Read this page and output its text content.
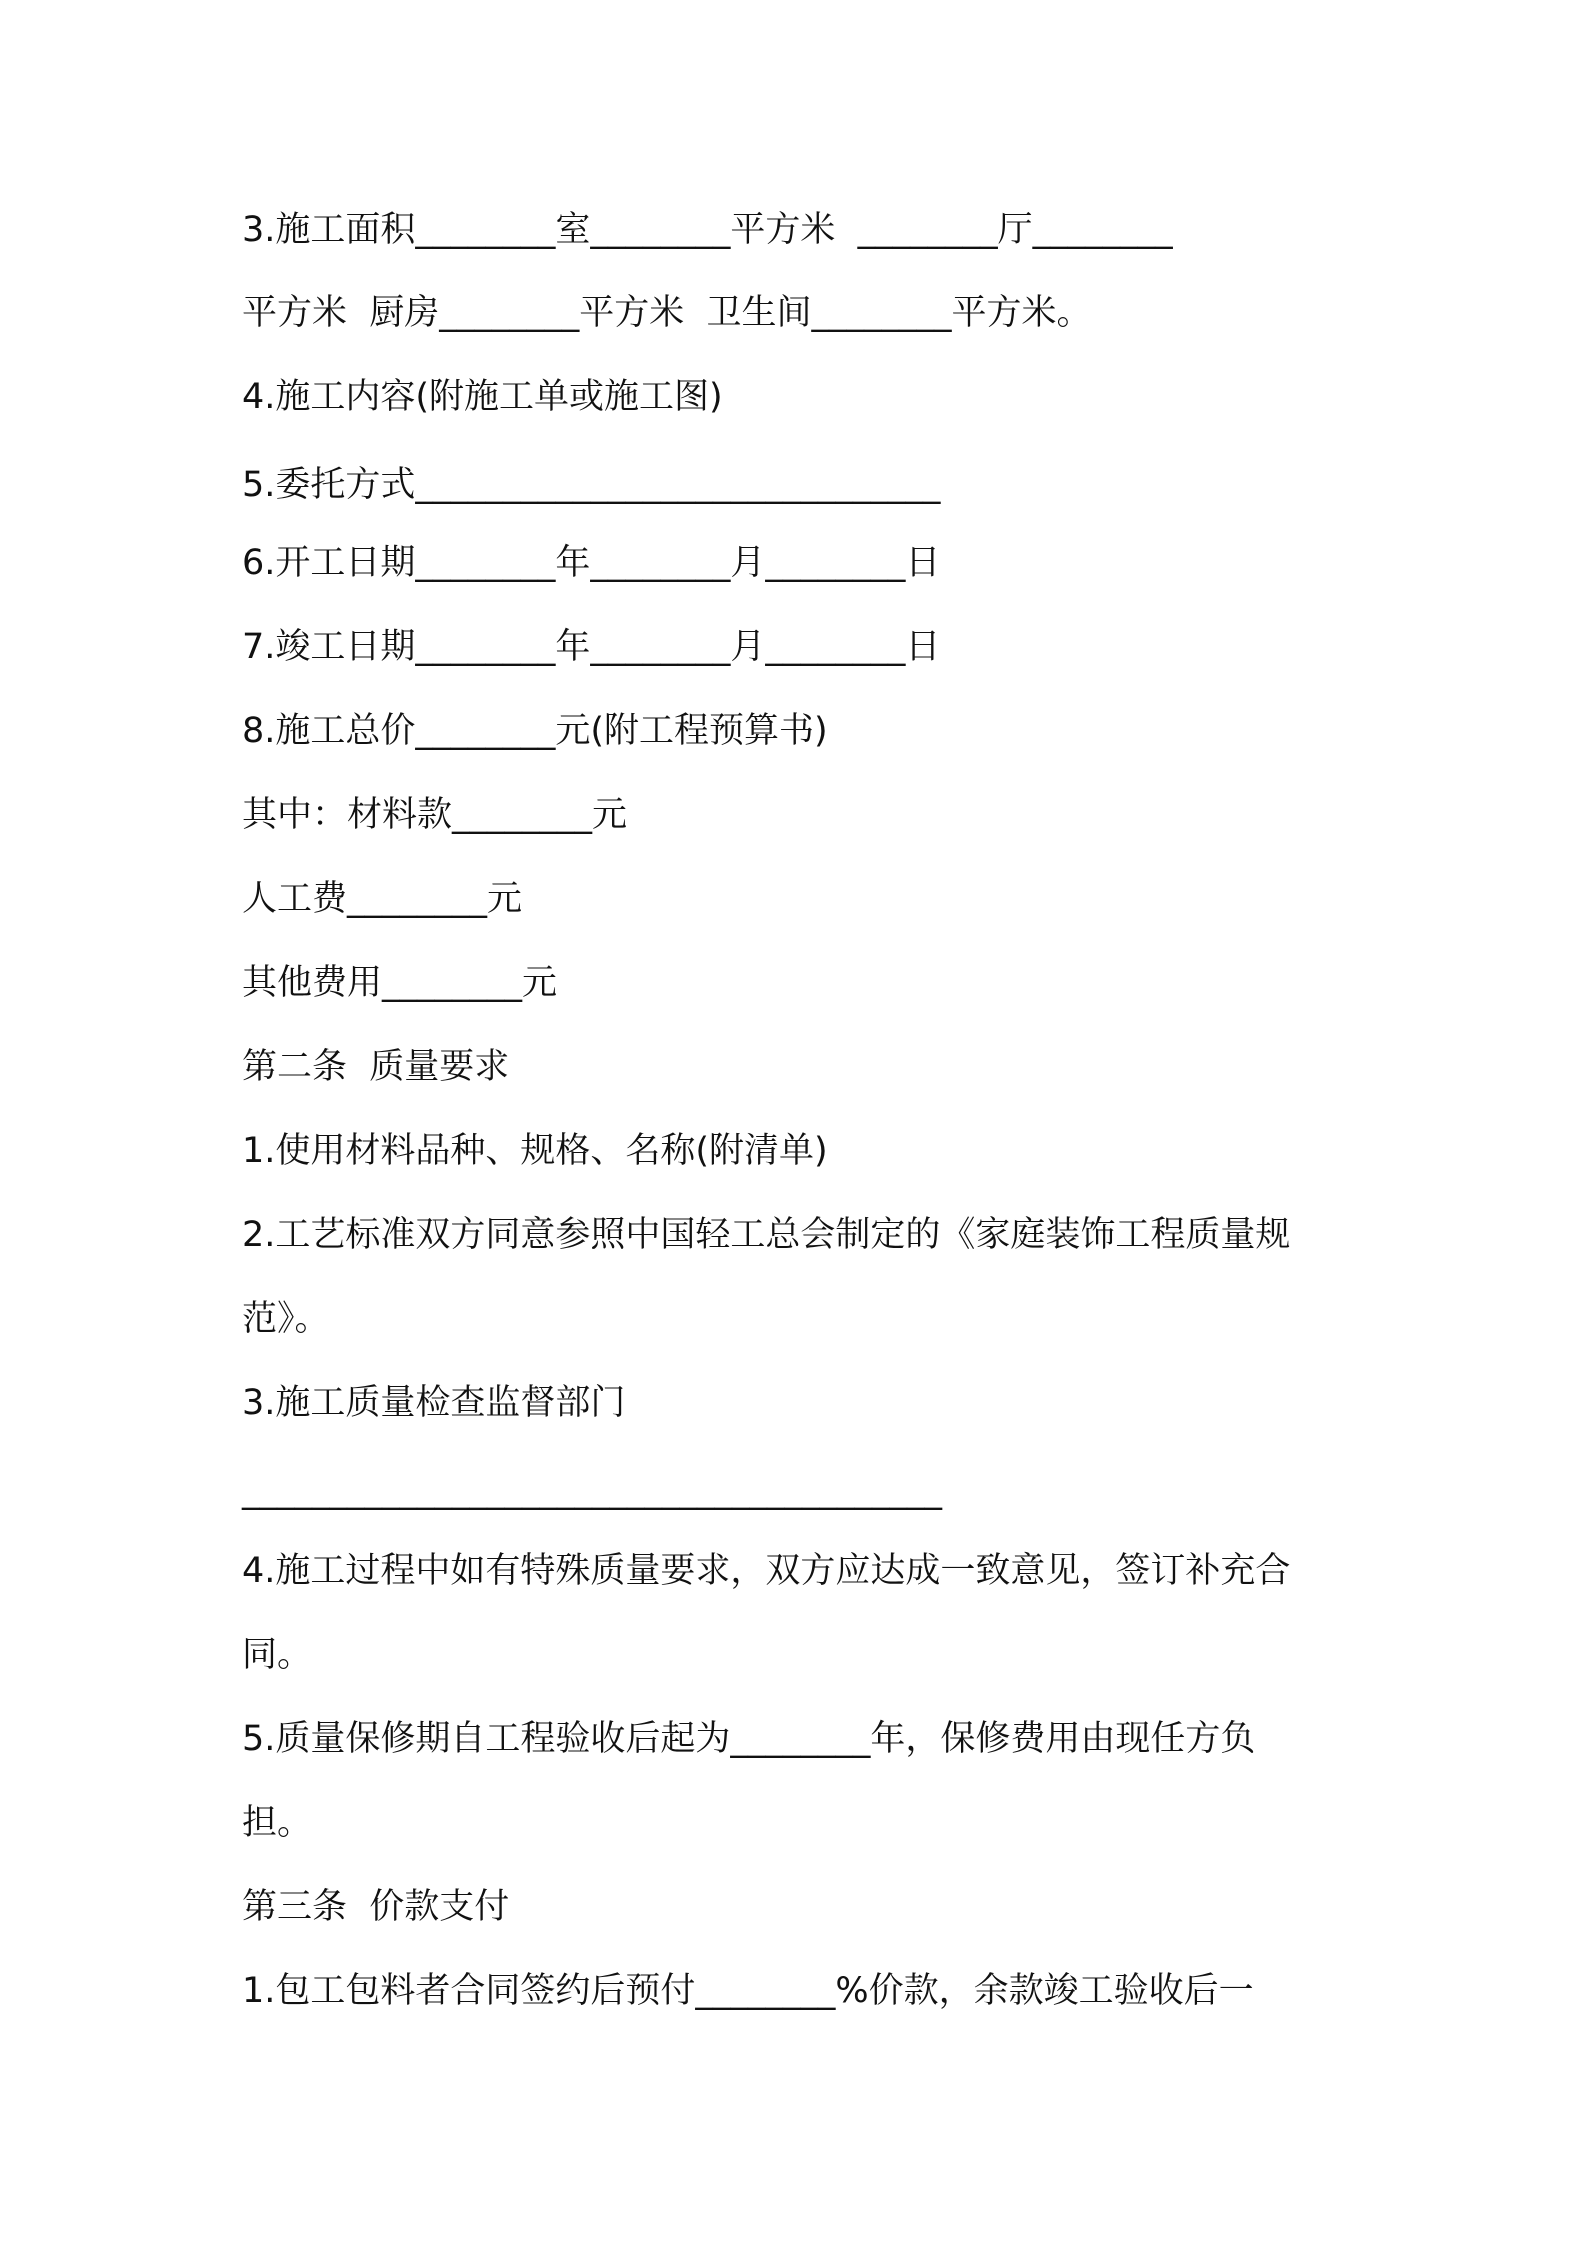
3.施工面积________室________平方米  ________厅________

平方米  厨房________平方米  卫生间________平方米。

4.施工内容(附施工单或施工图)

5.委托方式______________________________

6.开工日期________年________月________日

7.竣工日期________年________月________日

8.施工总价________元(附工程预算书)

其中：材料款________元

人工费________元

其他费用________元

第二条  质量要求

1.使用材料品种、规格、名称(附清单)

2.工艺标准双方同意参照中国轻工总会制定的《家庭装饰工程质量规

范》。

3.施工质量检查监督部门

________________________________________

4.施工过程中如有特殊质量要求，双方应达成一致意见，签订补充合

同。

5.质量保修期自工程验收后起为________年，保修费用由现任方负

担。

第三条  价款支付

1.包工包料者合同签约后预付________%价款，余款竣工验收后一
